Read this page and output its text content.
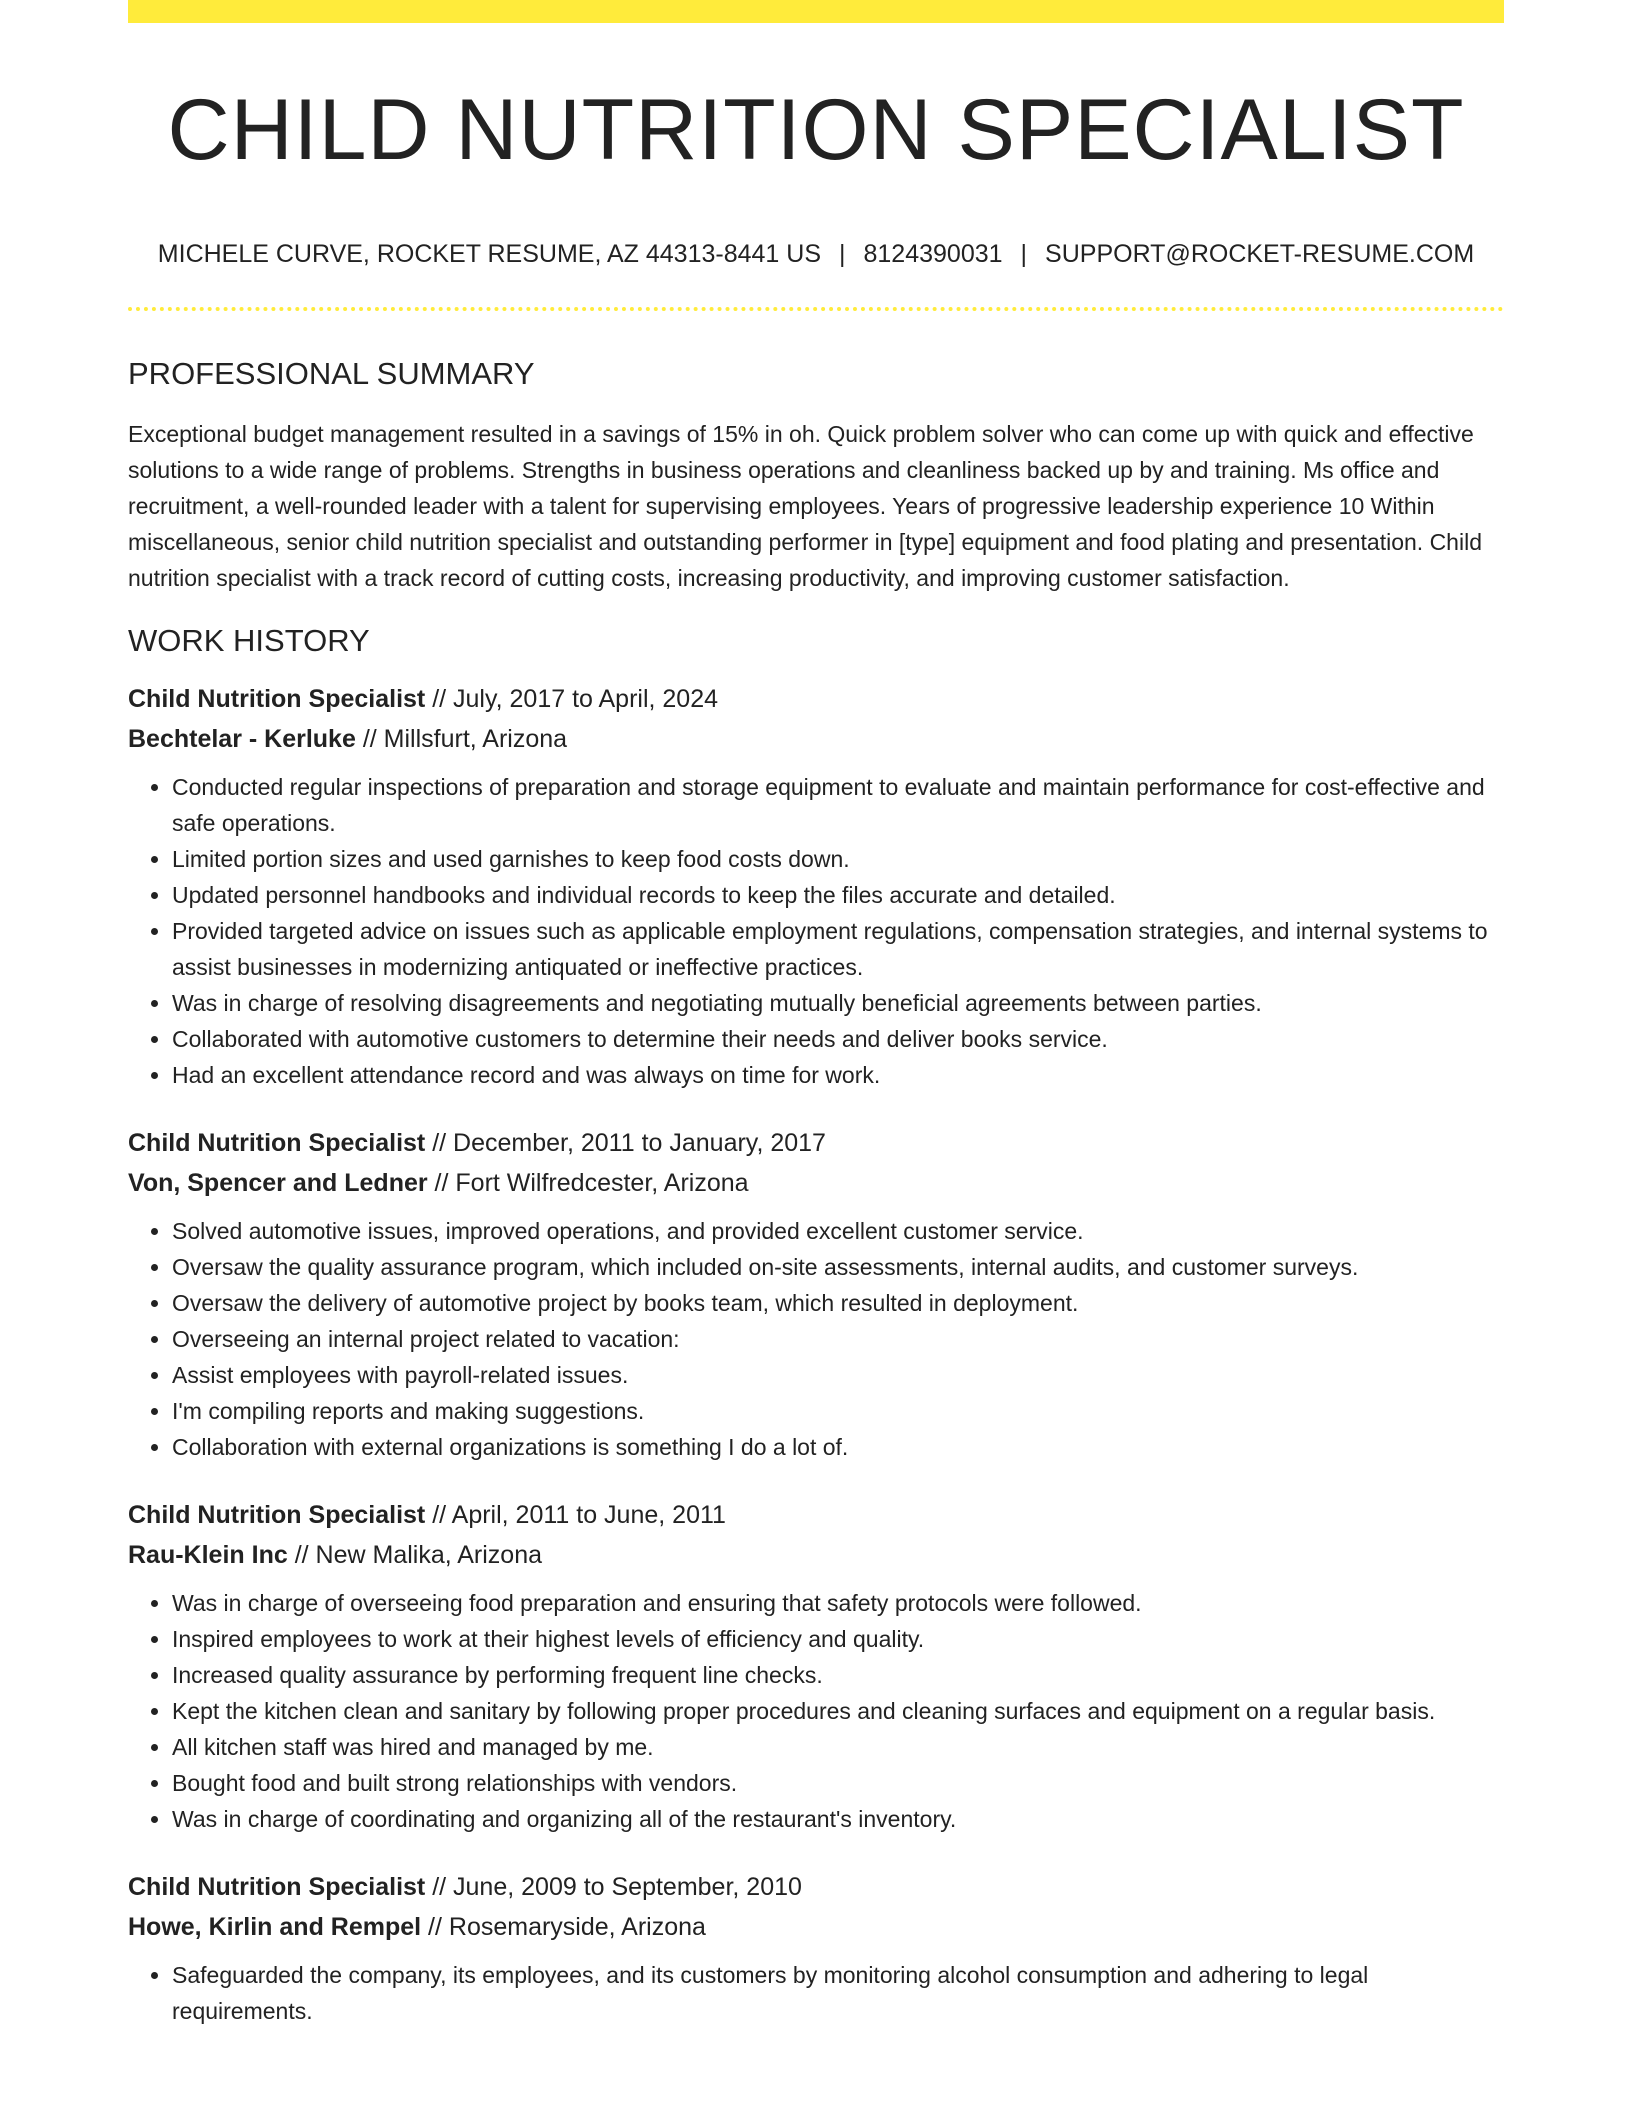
CHILD NUTRITION SPECIALIST
MICHELE CURVE, ROCKET RESUME, AZ 44313-8441 US | 8124390031 | SUPPORT@ROCKET-RESUME.COM
PROFESSIONAL SUMMARY

Exceptional budget management resulted in a savings of 15% in oh. Quick problem solver who can come up with quick and effective solutions to a wide range of problems. Strengths in business operations and cleanliness backed up by and training. Ms office and recruitment, a well-rounded leader with a talent for supervising employees. Years of progressive leadership experience 10 Within miscellaneous, senior child nutrition specialist and outstanding performer in [type] equipment and food plating and presentation. Child nutrition specialist with a track record of cutting costs, increasing productivity, and improving customer satisfaction.

WORK HISTORY
Child Nutrition Specialist // July, 2017 to April, 2024
Bechtelar - Kerluke // Millsfurt, Arizona
• Conducted regular inspections of preparation and storage equipment to evaluate and maintain performance for cost-effective and safe operations.
• Limited portion sizes and used garnishes to keep food costs down.
• Updated personnel handbooks and individual records to keep the files accurate and detailed.
• Provided targeted advice on issues such as applicable employment regulations, compensation strategies, and internal systems to assist businesses in modernizing antiquated or ineffective practices.
• Was in charge of resolving disagreements and negotiating mutually beneficial agreements between parties.
• Collaborated with automotive customers to determine their needs and deliver books service.
• Had an excellent attendance record and was always on time for work.
Child Nutrition Specialist // December, 2011 to January, 2017
Von, Spencer and Ledner // Fort Wilfredcester, Arizona
• Solved automotive issues, improved operations, and provided excellent customer service.
• Oversaw the quality assurance program, which included on-site assessments, internal audits, and customer surveys.
• Oversaw the delivery of automotive project by books team, which resulted in deployment.
• Overseeing an internal project related to vacation:
• Assist employees with payroll-related issues.
• I'm compiling reports and making suggestions.
• Collaboration with external organizations is something I do a lot of.
Child Nutrition Specialist // April, 2011 to June, 2011
Rau-Klein Inc // New Malika, Arizona
• Was in charge of overseeing food preparation and ensuring that safety protocols were followed.
• Inspired employees to work at their highest levels of efficiency and quality.
• Increased quality assurance by performing frequent line checks.
• Kept the kitchen clean and sanitary by following proper procedures and cleaning surfaces and equipment on a regular basis.
• All kitchen staff was hired and managed by me.
• Bought food and built strong relationships with vendors.
• Was in charge of coordinating and organizing all of the restaurant's inventory.
Child Nutrition Specialist // June, 2009 to September, 2010
Howe, Kirlin and Rempel // Rosemaryside, Arizona
• Safeguarded the company, its employees, and its customers by monitoring alcohol consumption and adhering to legal requirements.
